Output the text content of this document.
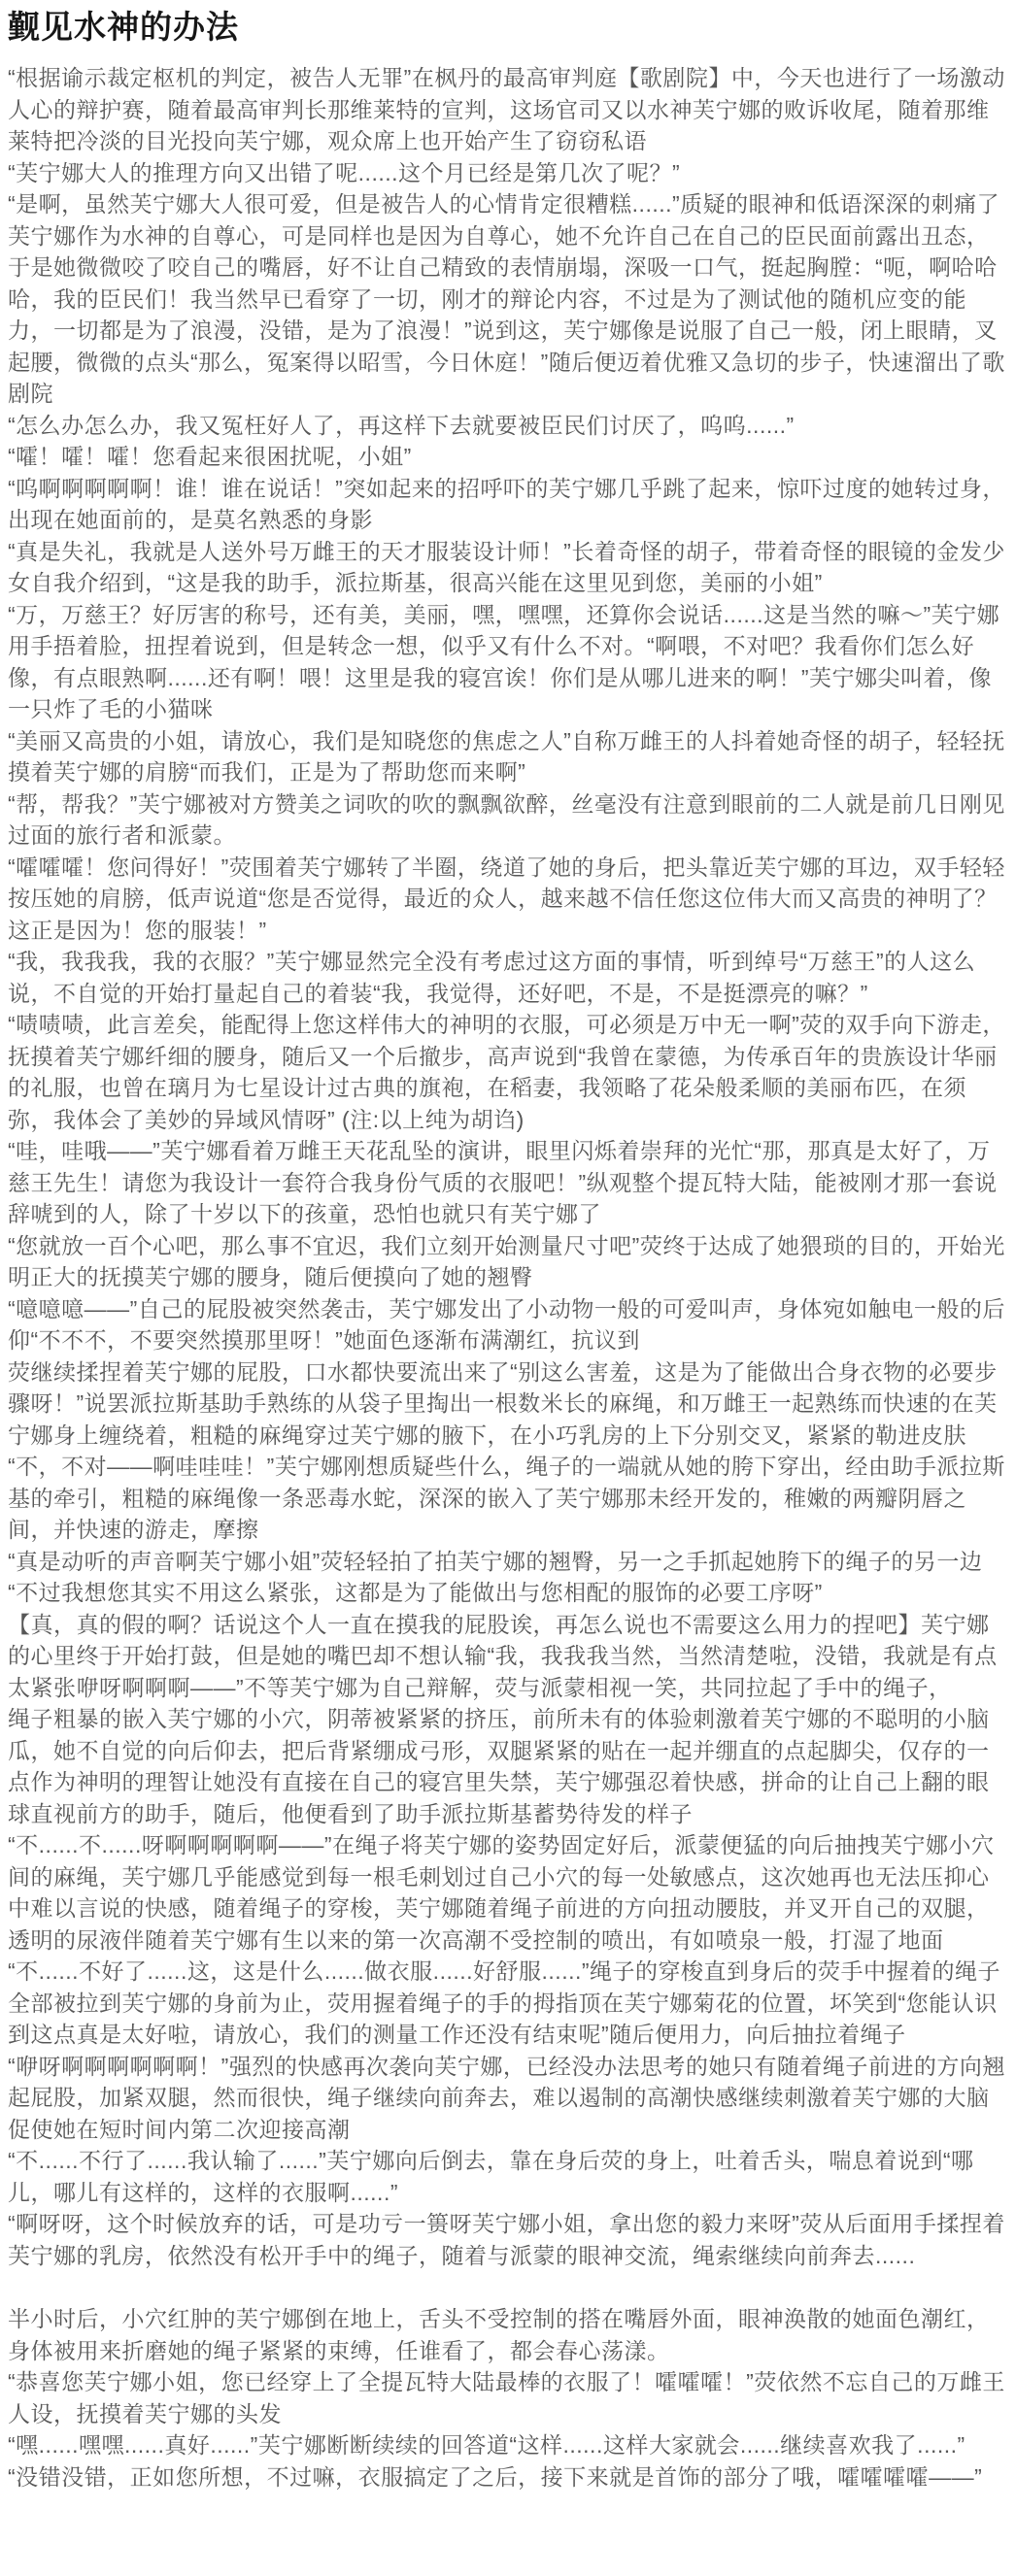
觐见水神的办法

“根据谕示裁定枢机的判定，被告人无罪”在枫丹的最高审判庭【歌剧院】中，今天也进行了一场激动人心的辩护赛，随着最高审判长那维莱特的宣判，这场官司又以水神芙宁娜的败诉收尾，随着那维莱特把冷淡的目光投向芙宁娜，观众席上也开始产生了窃窃私语

“芙宁娜大人的推理方向又出错了呢......这个月已经是第几次了呢？”

“是啊，虽然芙宁娜大人很可爱，但是被告人的心情肯定很糟糕......”质疑的眼神和低语深深的刺痛了芙宁娜作为水神的自尊心，可是同样也是因为自尊心，她不允许自己在自己的臣民面前露出丑态，于是她微微咬了咬自己的嘴唇，好不让自己精致的表情崩塌，深吸一口气，挺起胸膛：“呃，啊哈哈哈，我的臣民们！我当然早已看穿了一切，刚才的辩论内容，不过是为了测试他的随机应变的能力，一切都是为了浪漫，没错，是为了浪漫！”说到这，芙宁娜像是说服了自己一般，闭上眼睛，叉起腰，微微的点头“那么，冤案得以昭雪，今日休庭！”随后便迈着优雅又急切的步子，快速溜出了歌剧院

“怎么办怎么办，我又冤枉好人了，再这样下去就要被臣民们讨厌了，呜呜......”

“嚯！嚯！嚯！您看起来很困扰呢，小姐”

“呜啊啊啊啊啊！谁！谁在说话！”突如起来的招呼吓的芙宁娜几乎跳了起来，惊吓过度的她转过身，出现在她面前的，是莫名熟悉的身影

“真是失礼，我就是人送外号万雌王的天才服装设计师！”长着奇怪的胡子，带着奇怪的眼镜的金发少女自我介绍到，“这是我的助手，派拉斯基，很高兴能在这里见到您，美丽的小姐”

“万，万慈王？好厉害的称号，还有美，美丽，嘿，嘿嘿，还算你会说话......这是当然的嘛～”芙宁娜用手捂着脸，扭捏着说到，但是转念一想，似乎又有什么不对。“啊喂，不对吧？我看你们怎么好像，有点眼熟啊......还有啊！喂！这里是我的寝宫诶！你们是从哪儿进来的啊！”芙宁娜尖叫着，像一只炸了毛的小猫咪

“美丽又高贵的小姐，请放心，我们是知晓您的焦虑之人”自称万雌王的人抖着她奇怪的胡子，轻轻抚摸着芙宁娜的肩膀“而我们，正是为了帮助您而来啊”

“帮，帮我？”芙宁娜被对方赞美之词吹的吹的飘飘欲醉，丝毫没有注意到眼前的二人就是前几日刚见过面的旅行者和派蒙。

“嚯嚯嚯！您问得好！”荧围着芙宁娜转了半圈，绕道了她的身后，把头靠近芙宁娜的耳边，双手轻轻按压她的肩膀，低声说道“您是否觉得，最近的众人，越来越不信任您这位伟大而又高贵的神明了？这正是因为！您的服装！”

“我，我我我，我的衣服？”芙宁娜显然完全没有考虑过这方面的事情，听到绰号“万慈王”的人这么说，不自觉的开始打量起自己的着装“我，我觉得，还好吧，不是，不是挺漂亮的嘛？”

“啧啧啧，此言差矣，能配得上您这样伟大的神明的衣服，可必须是万中无一啊”荧的双手向下游走，抚摸着芙宁娜纤细的腰身，随后又一个后撤步，高声说到“我曾在蒙德，为传承百年的贵族设计华丽的礼服，也曾在璃月为七星设计过古典的旗袍，在稻妻，我领略了花朵般柔顺的美丽布匹，在须弥，我体会了美妙的异域风情呀” (注:以上纯为胡诌)

“哇，哇哦——”芙宁娜看着万雌王天花乱坠的演讲，眼里闪烁着崇拜的光忙“那，那真是太好了，万慈王先生！请您为我设计一套符合我身份气质的衣服吧！”纵观整个提瓦特大陆，能被刚才那一套说辞唬到的人，除了十岁以下的孩童，恐怕也就只有芙宁娜了

“您就放一百个心吧，那么事不宜迟，我们立刻开始测量尺寸吧”荧终于达成了她猥琐的目的，开始光明正大的抚摸芙宁娜的腰身，随后便摸向了她的翘臀

“噫噫噫——”自己的屁股被突然袭击，芙宁娜发出了小动物一般的可爱叫声，身体宛如触电一般的后仰“不不不，不要突然摸那里呀！”她面色逐渐布满潮红，抗议到

荧继续揉捏着芙宁娜的屁股，口水都快要流出来了“别这么害羞，这是为了能做出合身衣物的必要步骤呀！”说罢派拉斯基助手熟练的从袋子里掏出一根数米长的麻绳，和万雌王一起熟练而快速的在芙宁娜身上缠绕着，粗糙的麻绳穿过芙宁娜的腋下，在小巧乳房的上下分别交叉，紧紧的勒进皮肤

“不，不对——啊哇哇哇！”芙宁娜刚想质疑些什么，绳子的一端就从她的胯下穿出，经由助手派拉斯基的牵引，粗糙的麻绳像一条恶毒水蛇，深深的嵌入了芙宁娜那未经开发的，稚嫩的两瓣阴唇之间，并快速的游走，摩擦

“真是动听的声音啊芙宁娜小姐”荧轻轻拍了拍芙宁娜的翘臀，另一之手抓起她胯下的绳子的另一边“不过我想您其实不用这么紧张，这都是为了能做出与您相配的服饰的必要工序呀”

【真，真的假的啊？话说这个人一直在摸我的屁股诶，再怎么说也不需要这么用力的捏吧】芙宁娜的心里终于开始打鼓，但是她的嘴巴却不想认输“我，我我我当然，当然清楚啦，没错，我就是有点太紧张咿呀啊啊啊——”不等芙宁娜为自己辩解，荧与派蒙相视一笑，共同拉起了手中的绳子，

绳子粗暴的嵌入芙宁娜的小穴，阴蒂被紧紧的挤压，前所未有的体验刺激着芙宁娜的不聪明的小脑瓜，她不自觉的向后仰去，把后背紧绷成弓形，双腿紧紧的贴在一起并绷直的点起脚尖，仅存的一点作为神明的理智让她没有直接在自己的寝宫里失禁，芙宁娜强忍着快感，拼命的让自己上翻的眼球直视前方的助手，随后，他便看到了助手派拉斯基蓄势待发的样子

“不......不......呀啊啊啊啊啊——”在绳子将芙宁娜的姿势固定好后，派蒙便猛的向后抽拽芙宁娜小穴间的麻绳，芙宁娜几乎能感觉到每一根毛刺划过自己小穴的每一处敏感点，这次她再也无法压抑心中难以言说的快感，随着绳子的穿梭，芙宁娜随着绳子前进的方向扭动腰肢，并叉开自己的双腿，透明的尿液伴随着芙宁娜有生以来的第一次高潮不受控制的喷出，有如喷泉一般，打湿了地面

“不......不好了......这，这是什么......做衣服......好舒服......”绳子的穿梭直到身后的荧手中握着的绳子全部被拉到芙宁娜的身前为止，荧用握着绳子的手的拇指顶在芙宁娜菊花的位置，坏笑到“您能认识到这点真是太好啦，请放心，我们的测量工作还没有结束呢”随后便用力，向后抽拉着绳子

“咿呀啊啊啊啊啊啊！”强烈的快感再次袭向芙宁娜，已经没办法思考的她只有随着绳子前进的方向翘起屁股，加紧双腿，然而很快，绳子继续向前奔去，难以遏制的高潮快感继续刺激着芙宁娜的大脑促使她在短时间内第二次迎接高潮

“不......不行了......我认输了......”芙宁娜向后倒去，靠在身后荧的身上，吐着舌头，喘息着说到“哪儿，哪儿有这样的，这样的衣服啊......”

“啊呀呀，这个时候放弃的话，可是功亏一篑呀芙宁娜小姐，拿出您的毅力来呀”荧从后面用手揉捏着芙宁娜的乳房，依然没有松开手中的绳子，随着与派蒙的眼神交流，绳索继续向前奔去......

半小时后，小穴红肿的芙宁娜倒在地上，舌头不受控制的搭在嘴唇外面，眼神涣散的她面色潮红，身体被用来折磨她的绳子紧紧的束缚，任谁看了，都会春心荡漾。

“恭喜您芙宁娜小姐，您已经穿上了全提瓦特大陆最棒的衣服了！嚯嚯嚯！”荧依然不忘自己的万雌王人设，抚摸着芙宁娜的头发

“嘿......嘿嘿......真好......”芙宁娜断断续续的回答道“这样......这样大家就会......继续喜欢我了......”

“没错没错，正如您所想，不过嘛，衣服搞定了之后，接下来就是首饰的部分了哦，嚯嚯嚯嚯——”
